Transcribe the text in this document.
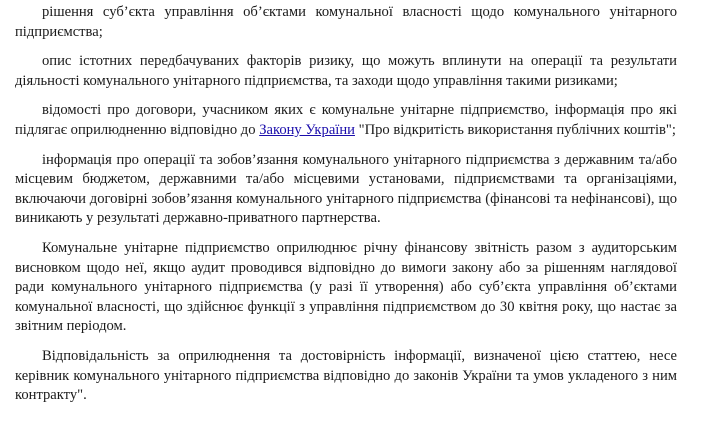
рішення суб’єкта управління об’єктами комунальної власності щодо комунального унітарного підприємства;

опис істотних передбачуваних факторів ризику, що можуть вплинути на операції та результати діяльності комунального унітарного підприємства, та заходи щодо управління такими ризиками;

відомості про договори, учасником яких є комунальне унітарне підприємство, інформація про які підлягає оприлюдненню відповідно до Закону України "Про відкритість використання публічних коштів";

інформація про операції та зобов’язання комунального унітарного підприємства з державним та/або місцевим бюджетом, державними та/або місцевими установами, підприємствами та організаціями, включаючи договірні зобов’язання комунального унітарного підприємства (фінансові та нефінансові), що виникають у результаті державно-приватного партнерства.

Комунальне унітарне підприємство оприлюднює річну фінансову звітність разом з аудиторським висновком щодо неї, якщо аудит проводився відповідно до вимоги закону або за рішенням наглядової ради комунального унітарного підприємства (у разі її утворення) або суб’єкта управління об’єктами комунальної власності, що здійснює функції з управління підприємством до 30 квітня року, що настає за звітним періодом.

Відповідальність за оприлюднення та достовірність інформації, визначеної цією статтею, несе керівник комунального унітарного підприємства відповідно до законів України та умов укладеного з ним контракту".
